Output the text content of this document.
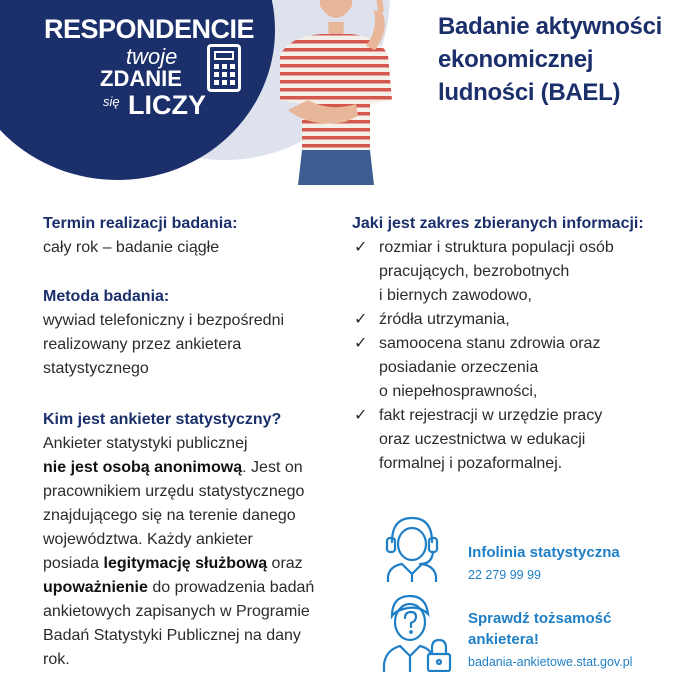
RESPONDENCIE
twoje
ZDANIE
się LICZY
Badanie aktywności
ekonomicznej
ludności (BAEL)
Termin realizacji badania:
cały rok – badanie ciągłe
Metoda badania:
wywiad telefoniczny i bezpośredni
realizowany przez ankietera
statystycznego
Kim jest ankieter statystyczny?
Ankieter statystyki publicznej
nie jest osobą anonimową. Jest on
pracownikiem urzędu statystycznego
znajdującego się na terenie danego
województwa. Każdy ankieter
posiada legitymację służbową oraz
upoważnienie do prowadzenia badań
ankietowych zapisanych w Programie
Badań Statystyki Publicznej na dany
rok.
Jaki jest zakres zbieranych informacji:
✓ rozmiar i struktura populacji osób
pracujących, bezrobotnych
i biernych zawodowo,
✓ źródła utrzymania,
✓ samoocena stanu zdrowia oraz
posiadanie orzeczenia
o niepełnosprawności,
✓ fakt rejestracji w urzędzie pracy
oraz uczestnictwa w edukacji
formalnej i pozaformalnej.
Infolinia statystyczna
22 279 99 99
Sprawdź tożsamość
ankietera!
badania-ankietowe.stat.gov.pl
